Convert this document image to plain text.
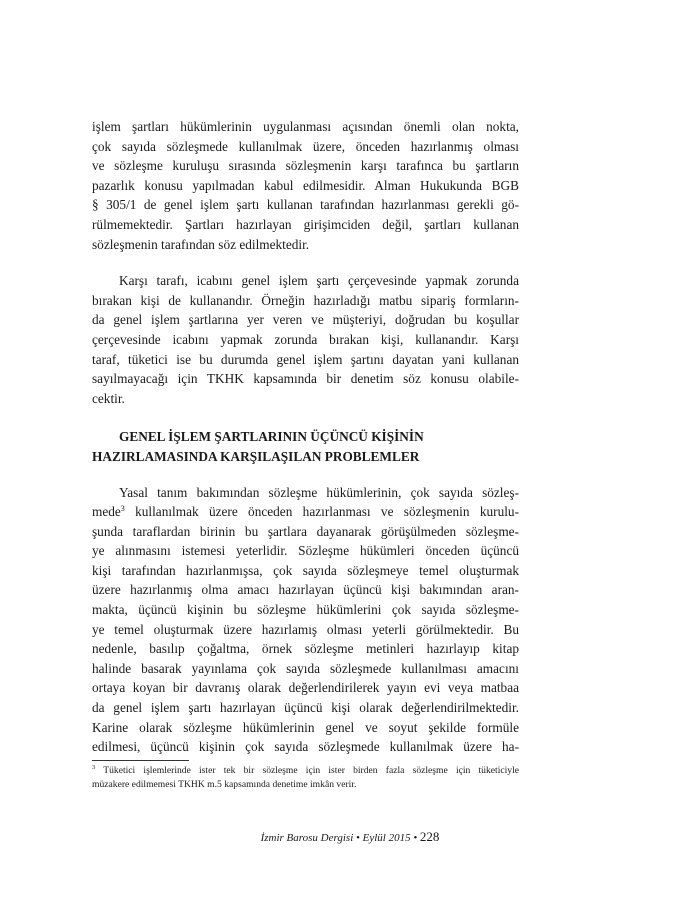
işlem şartları hükümlerinin uygulanması açısından önemli olan nokta,
çok sayıda sözleşmede kullanılmak üzere, önceden hazırlanmış olması
ve sözleşme kuruluşu sırasında sözleşmenin karşı tarafınca bu şartların
pazarlık konusu yapılmadan kabul edilmesidir. Alman Hukukunda BGB
§ 305/1 de genel işlem şartı kullanan tarafından hazırlanması gerekli gö-
rülmemektedir. Şartları hazırlayan girişimciden değil, şartları kullanan
sözleşmenin tarafından söz edilmektedir.

Karşı tarafı, icabını genel işlem şartı çerçevesinde yapmak zorunda
bırakan kişi de kullanandır. Örneğin hazırladığı matbu sipariş formların-
da genel işlem şartlarına yer veren ve müşteriyi, doğrudan bu koşullar
çerçevesinde icabını yapmak zorunda bırakan kişi, kullanandır. Karşı
taraf, tüketici ise bu durumda genel işlem şartını dayatan yani kullanan
sayılmayacağı için TKHK kapsamında bir denetim söz konusu olabile-
cektir.

GENEL İŞLEM ŞARTLARININ ÜÇÜNCÜ KİŞİNİN
HAZIRLAMASINDA KARŞILAŞILAN PROBLEMLER

Yasal tanım bakımından sözleşme hükümlerinin, çok sayıda sözleş-
mede$^3$ kullanılmak üzere önceden hazırlanması ve sözleşmenin kurulu-
şunda taraflardan birinin bu şartlara dayanarak görüşülmeden sözleşme-
ye alınmasını istemesi yeterlidir. Sözleşme hükümleri önceden üçüncü
kişi tarafından hazırlanmışsa, çok sayıda sözleşmeye temel oluşturmak
üzere hazırlanmış olma amacı hazırlayan üçüncü kişi bakımından aran-
makta, üçüncü kişinin bu sözleşme hükümlerini çok sayıda sözleşme-
ye temel oluşturmak üzere hazırlamış olması yeterli görülmektedir. Bu
nedenle, basılıp çoğaltma, örnek sözleşme metinleri hazırlayıp kitap
halinde basarak yayınlama çok sayıda sözleşmede kullanılması amacını
ortaya koyan bir davranış olarak değerlendirilerek yayın evi veya matbaa
da genel işlem şartı hazırlayan üçüncü kişi olarak değerlendirilmektedir.
Karine olarak sözleşme hükümlerinin genel ve soyut şekilde formüle
edilmesi, üçüncü kişinin çok sayıda sözleşmede kullanılmak üzere ha-

$^3$ Tüketici işlemlerinde ister tek bir sözleşme için ister birden fazla sözleşme için tüketiciyle
müzakere edilmemesi TKHK m.5 kapsamında denetime imkân verir.

İzmir Barosu Dergisi • Eylül 2015 • 228
